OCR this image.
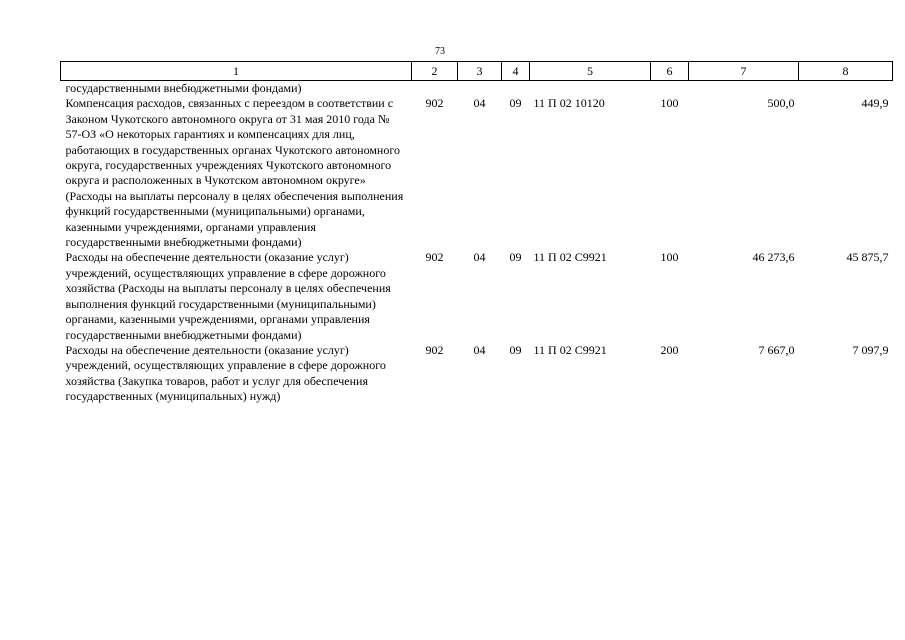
73
1	2	3	4	5	6	7	8
государственными внебюджетными фондами)							
Компенсация расходов, связанных с переездом в соответствии с Законом Чукотского автономного округа от 31 мая 2010 года № 57-ОЗ «О некоторых гарантиях и компенсациях для лиц, работающих в государственных органах Чукотского автономного округа, государственных учреждениях Чукотского автономного округа и расположенных в Чукотском автономном округе» (Расходы на выплаты персоналу в целях обеспечения выполнения функций государственными (муниципальными) органами, казенными учреждениями, органами управления государственными внебюджетными фондами)	902	04	09	11 П 02 10120	100	500,0	449,9
Расходы на обеспечение деятельности (оказание услуг) учреждений, осуществляющих управление в сфере дорожного хозяйства (Расходы на выплаты персоналу в целях обеспечения выполнения функций государственными (муниципальными) органами, казенными учреждениями, органами управления государственными внебюджетными фондами)	902	04	09	11 П 02 С9921	100	46 273,6	45 875,7
Расходы на обеспечение деятельности (оказание услуг) учреждений, осуществляющих управление в сфере дорожного хозяйства (Закупка товаров, работ и услуг для обеспечения государственных (муниципальных) нужд)	902	04	09	11 П 02 С9921	200	7 667,0	7 097,9
